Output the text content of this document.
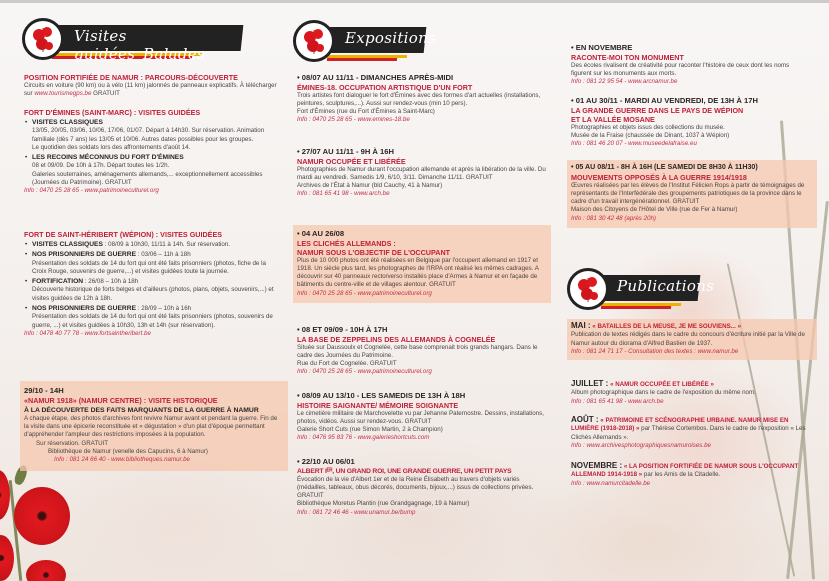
Visites guidées_Balades
POSITION FORTIFIÉE DE NAMUR : PARCOURS-DÉCOUVERTE

Circuits en voiture (90 km) ou à vélo (11 km) jalonnés de panneaux explicatifs. À télécharger sur www.tourismegps.be GRATUIT

FORT D'ÉMINES (SAINT-MARC) : VISITES GUIDÉES
• VISITES CLASSIQUES

13/05, 20/05, 03/06, 10/06, 17/06, 01/07. Départ à 14h30. Sur réservation. Animation familiale (dès 7 ans) les 13/05 et 10/06. Autres dates possibles pour les groupes.

Le quotidien des soldats lors des affrontements d'août 14.

• LES RECOINS MÉCONNUS DU FORT D'ÉMINES

08 et 09/09. De 10h à 17h. Départ toutes les 1/2h.

Galeries souterraines, aménagements allemands,... exceptionnellement accessibles (Journées du Patrimoine). GRATUIT

Info : 0470 25 28 65 - www.patrimoineculturel.org
FORT DE SAINT-HÉRIBERT (WÉPION) : VISITES GUIDÉES
• VISITES CLASSIQUES : 08/09 à 10h30, 11/11 à 14h. Sur réservation.
• NOS PRISONNIERS DE GUERRE : 03/06 – 11h à 18h

Présentation des soldats de 14 du fort qui ont été faits prisonniers (photos, fiche de la Croix Rouge, souvenirs de guerre,...) et visites guidées toute la journée.

• FORTIFICATION : 26/08 – 10h à 18h

Découverte historique de forts belges et d'ailleurs (photos, plans, objets, souvenirs,...) et visites guidées de 12h à 18h.

• NOS PRISONNIERS DE GUERRE : 28/09 – 10h à 16h

Présentation des soldats de 14 du fort qui ont été faits prisonniers (photos, souvenirs de guerre, ...) et visites guidées à 10h30, 13h et 14h (sur réservation).

Info : 0478 40 77 78 - www.fortsaintheribert.be
29/10 - 14H
«NAMUR 1918» (NAMUR CENTRE) : VISITE HISTORIQUE
À LA DÉCOUVERTE DES FAITS MARQUANTS DE LA GUERRE À NAMUR

A chaque étape, des photos d'archives font revivre Namur avant et pendant la guerre. Fin de la visite dans une épicerie reconstituée et « dégustation » d'un plat d'époque permettant d'appréhender l'ampleur des restrictions imposées à la population.

Sur réservation. GRATUIT

Bibliothèque de Namur (venelle des Capucins, 6 à Namur)

Info : 081 24 66 40 - www.bibliotheques.namur.be
Expositions
• 08/07 AU 11/11 - DIMANCHES APRÈS-MIDI
ÉMINES-18. OCCUPATION ARTISTIQUE D'UN FORT

Trois artistes font dialoguer le fort d'Émines avec des formes d'art actuelles (installations, peintures, sculptures,...). Aussi sur rendez-vous (min 10 pers).

Fort d'Émines (rue du Fort d'Émines à Saint-Marc)

Info : 0470 25 28 65 - www.emines-18.be
• 27/07 AU 11/11 - 9H À 16H
NAMUR OCCUPÉE ET LIBÉRÉE

Photographies de Namur durant l'occupation allemande et après la libération de la ville. Du mardi au vendredi. Samedis 1/9, 6/10, 3/11. Dimanche 11/11. GRATUIT

Archives de l'État à Namur (bld Cauchy, 41 à Namur)

Info : 081 65 41 98 - www.arch.be
• 04 AU 26/08
LES CLICHÉS ALLEMANDS :
NAMUR SOUS L'OBJECTIF DE L'OCCUPANT

Plus de 10 000 photos ont été réalisées en Belgique par l'occupent allemand en 1917 et 1918. Un siècle plus tard, les photographes de l'IRPA ont réalisé les mêmes cadrages. A découvrir sur 40 panneaux recto/verso installés place d'Armes à Namur et en façade de bâtiments du centre-ville et de villages alentour. GRATUIT

Info : 0470 25 28 65 - www.patrimoineculturel.org
• 08 ET 09/09 - 10H À 17H
LA BASE DE ZEPPELINS DES ALLEMANDS À COGNELÉE

Située sur Daussoulx et Cognelée, cette base comprenait trois grands hangars. Dans le cadre des Journées du Patrimoine.

Rue du Fort de Cognelée. GRATUIT

Info : 0470 25 28 65 - www.patrimoineculturel.org
• 08/09 AU 13/10 - LES SAMEDIS DE 13H À 18H
HISTOIRE SAIGNANTE/ MÉMOIRE SOIGNANTE

Le cimetière militaire de Marchovelette vu par Jehanne Paternostre. Dessins, installations, photos, vidéos. Aussi sur rendez-vous. GRATUIT

Galerie Short Cuts (rue Simon Martin, 2 à Champion)

Info : 0476 95 83 76 - www.galerieshortcuts.com
• 22/10 AU 06/01
ALBERT Iᴱᴿ, UN GRAND ROI, UNE GRANDE GUERRE, UN PETIT PAYS

Évocation de la vie d'Albert 1er et de la Reine Élisabeth au travers d'objets variés (médailles, tableaux, obus décorés, documents, bijoux,...) issus de collections privées. GRATUIT

Bibliothèque Moretus Plantin (rue Grandgagnage, 19 à Namur)

Info : 081 72 46 46 - www.unamur.be/bump
• EN NOVEMBRE
RACONTE-MOI TON MONUMENT

Des écoles rivalisent de créativité pour raconter l'histoire de ceux dont les noms figurent sur les monuments aux morts.

Info : 081 22 95 54 - www.arcnamur.be
• 01 AU 30/11 - MARDI AU VENDREDI, DE 13H À 17H
LA GRANDE GUERRE DANS LE PAYS DE WÉPION
ET LA VALLÉE MOSANE

Photographies et objets issus des collections du musée.

Musée de la Fraise (chaussée de Dinant, 1037 à Wépion)

Info : 081 46 20 07 - www.museedelafraise.eu
• 05 AU 08/11 - 8H À 16H (LE SAMEDI DE 8H30 À 11H30)
MOUVEMENTS OPPOSÉS À LA GUERRE 1914/1918

Œuvres réalisées par les élèves de l'Institut Félicien Rops à partir de témoignages de représentants de l'Interfédérale des groupements patriotiques de la province dans le cadre d'un travail intergénérationnel. GRATUIT

Maison des Citoyens de l'Hôtel de Ville (rue de Fer à Namur)

Info : 081 30 42 48 (après 20h)
Publications

MAI : « BATAILLES DE LA MEUSE, JE ME SOUVIENS... »

Publication de textes rédigés dans le cadre du concours d'écriture initié par la Ville de Namur autour du diorama d'Alfred Bastien de 1937.

Info : 081 24 71 17 - Consultation des textes : www.namur.be

JUILLET : « NAMUR OCCUPÉE ET LIBÉRÉE »

Album photographique dans le cadre de l'exposition du même nom.

Info : 081 65 41 98 - www.arch.be

AOÛT : « PATRIMOINE ET SCÉNOGRAPHIE URBAINE. NAMUR MISE EN LUMIÈRE (1918-2018) » par Thérèse Cortembos. Dans le cadre de l'exposition « Les Clichés Allemands ».

Info : www.archivesphotographiquesnamuroises.be

NOVEMBRE : « LA POSITION FORTIFIÉE DE NAMUR SOUS L'OCCUPANT ALLEMAND 1914-1918 » par les Amis de la Citadelle.

Info : www.namurcitadelle.be
